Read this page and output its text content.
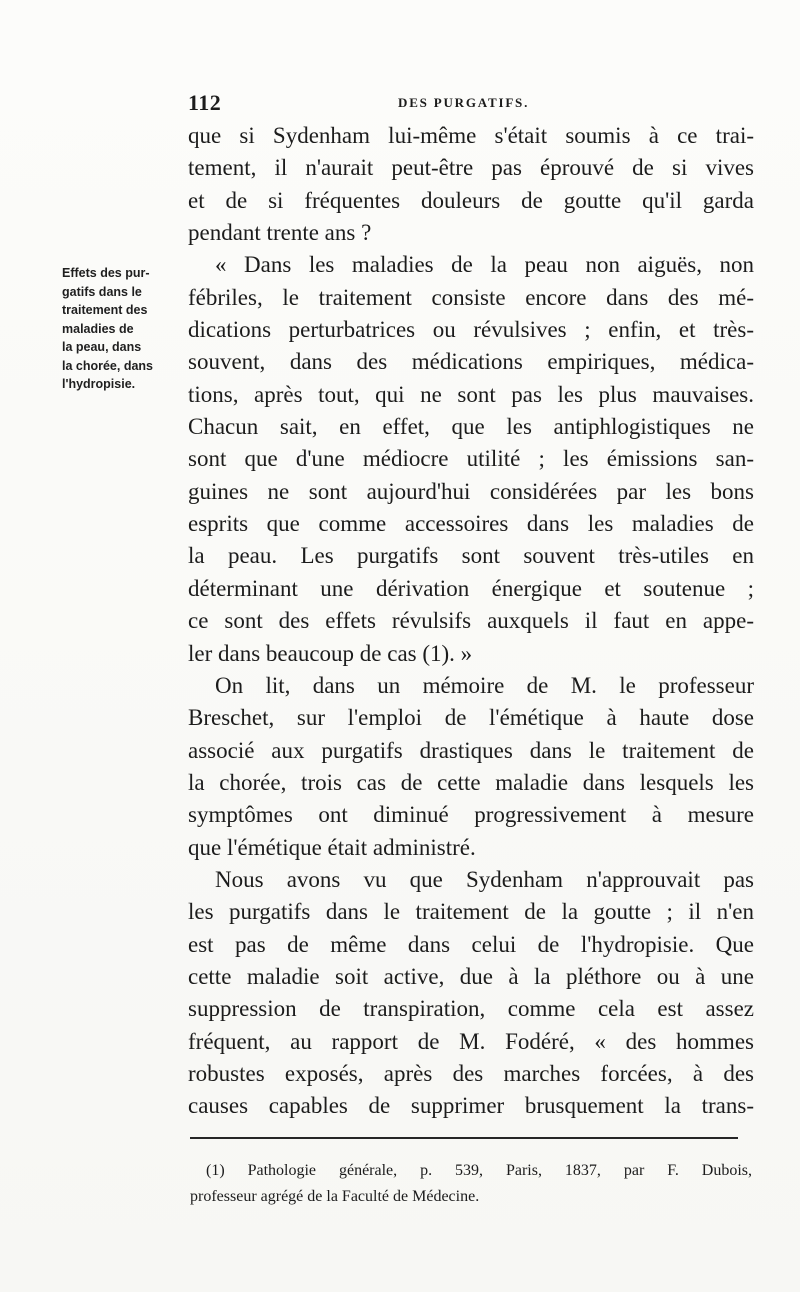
112	DES PURGATIFS.
Effets des pur-
gatifs dans le
traitement des
maladies de
la peau, dans
la chorée, dans
l'hydropisie.
que si Sydenham lui-même s'était soumis à ce trai-
tement, il n'aurait peut-être pas éprouvé de si vives
et de si fréquentes douleurs de goutte qu'il garda
pendant trente ans ?
« Dans les maladies de la peau non aiguës, non
fébriles, le traitement consiste encore dans des mé-
dications perturbatrices ou révulsives ; enfin, et très-
souvent, dans des médications empiriques, médica-
tions, après tout, qui ne sont pas les plus mauvaises.
Chacun sait, en effet, que les antiphlogistiques ne
sont que d'une médiocre utilité ; les émissions san-
guines ne sont aujourd'hui considérées par les bons
esprits que comme accessoires dans les maladies de
la peau. Les purgatifs sont souvent très-utiles en
déterminant une dérivation énergique et soutenue ;
ce sont des effets révulsifs auxquels il faut en appe-
ler dans beaucoup de cas (1). »
On lit, dans un mémoire de M. le professeur
Breschet, sur l'emploi de l'émétique à haute dose
associé aux purgatifs drastiques dans le traitement de
la chorée, trois cas de cette maladie dans lesquels les
symptômes ont diminué progressivement à mesure
que l'émétique était administré.
Nous avons vu que Sydenham n'approuvait pas
les purgatifs dans le traitement de la goutte ; il n'en
est pas de même dans celui de l'hydropisie. Que
cette maladie soit active, due à la pléthore ou à une
suppression de transpiration, comme cela est assez
fréquent, au rapport de M. Fodéré, « des hommes
robustes exposés, après des marches forcées, à des
causes capables de supprimer brusquement la trans-
(1) Pathologie générale, p. 539, Paris, 1837, par F. Dubois,
professeur agrégé de la Faculté de Médecine.
